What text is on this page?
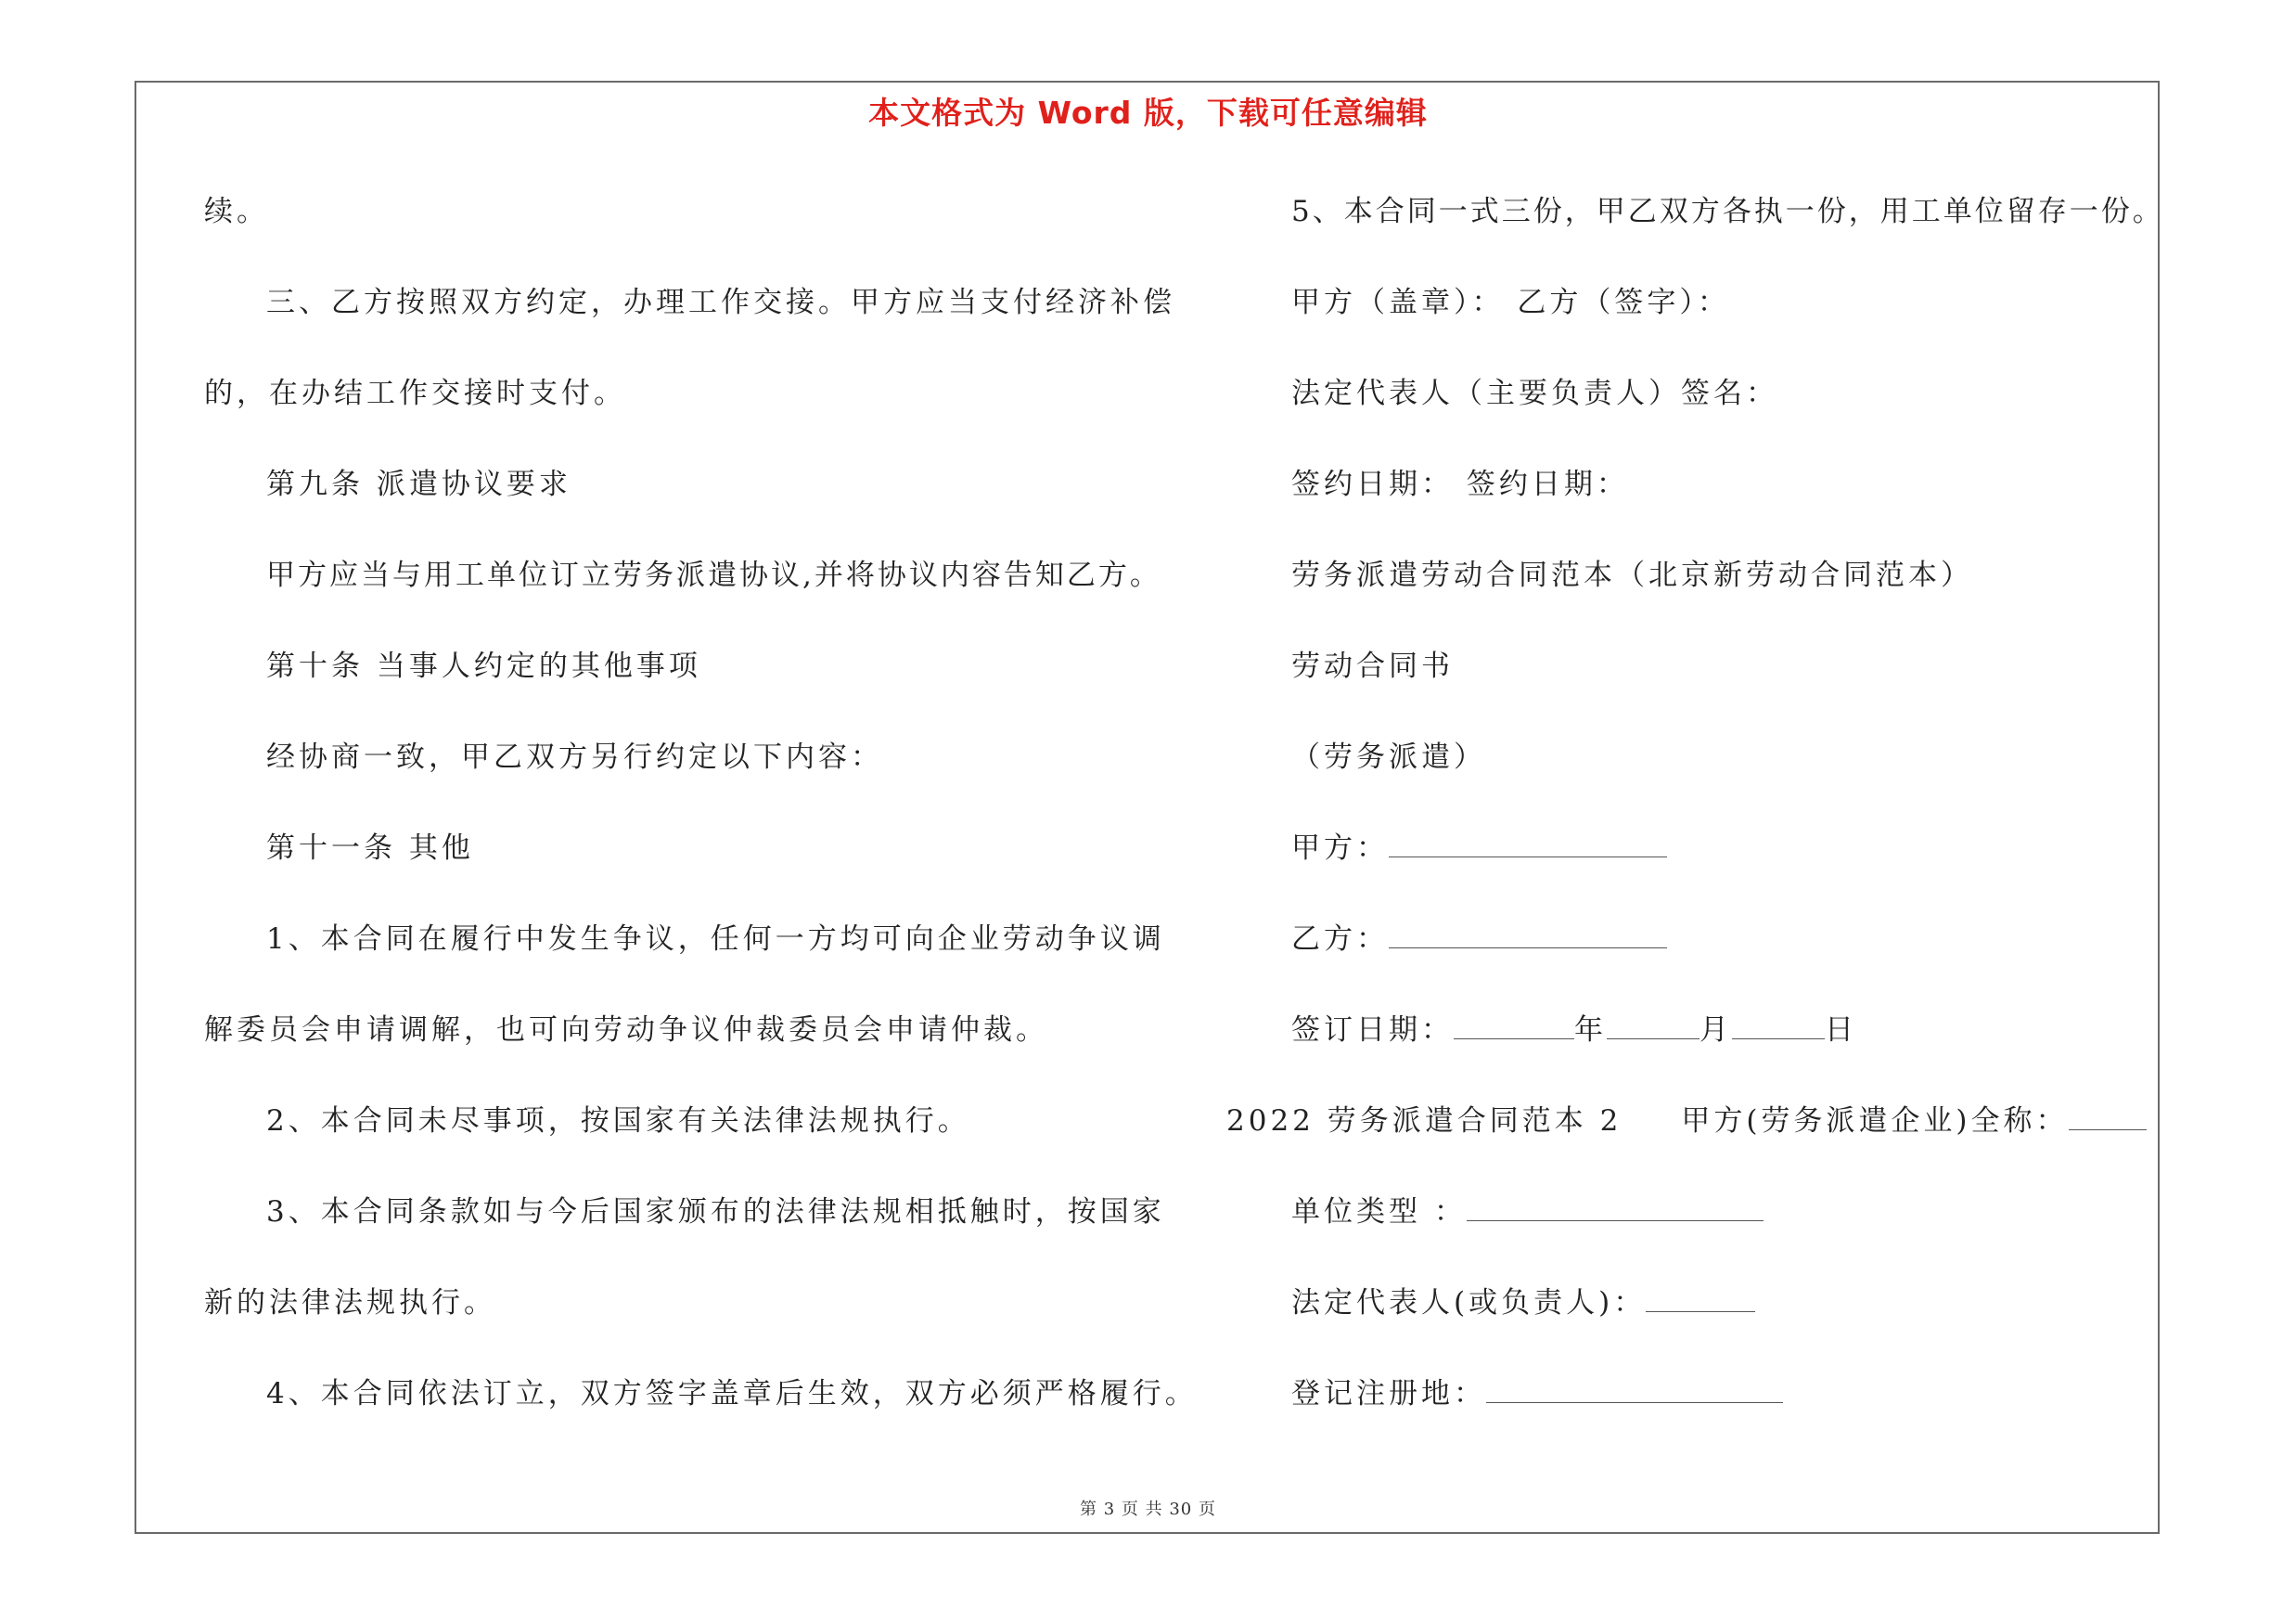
本文格式为 Word 版，下载可任意编辑
续。
三、乙方按照双方约定，办理工作交接。甲方应当支付经济补偿
的，在办结工作交接时支付。
第九条 派遣协议要求
甲方应当与用工单位订立劳务派遣协议,并将协议内容告知乙方。
第十条 当事人约定的其他事项
经协商一致，甲乙双方另行约定以下内容：
第十一条 其他
1、本合同在履行中发生争议，任何一方均可向企业劳动争议调
解委员会申请调解，也可向劳动争议仲裁委员会申请仲裁。
2、本合同未尽事项，按国家有关法律法规执行。
3、本合同条款如与今后国家颁布的法律法规相抵触时，按国家
新的法律法规执行。
4、本合同依法订立，双方签字盖章后生效，双方必须严格履行。
5、本合同一式三份，甲乙双方各执一份，用工单位留存一份。
甲方（盖章）： 乙方（签字）：
法定代表人（主要负责人）签名：
签约日期： 签约日期：
劳务派遣劳动合同范本（北京新劳动合同范本）
劳动合同书
（劳务派遣）
甲方：
乙方：
签订日期：	年	月	日
2022 劳务派遣合同范本 2 甲方(劳务派遣企业)全称：
单位类型 ：
法定代表人(或负责人)：
登记注册地：
第 3 页 共 30 页
